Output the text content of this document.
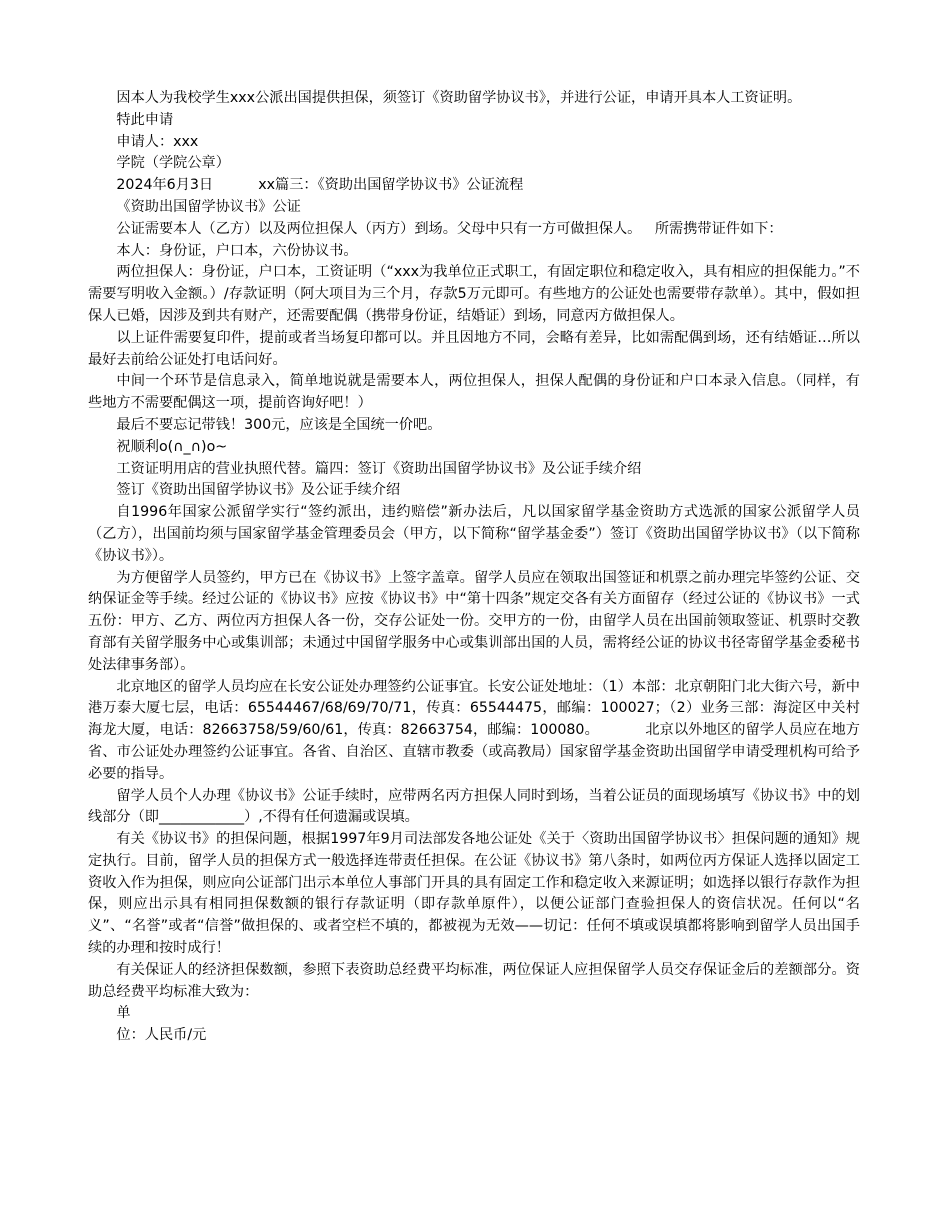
因本人为我校学生xxx公派出国提供担保，须签订《资助留学协议书》，并进行公证，申请开具本人工资证明。

特此申请

申请人：xxx

学院（学院公章）

2024年6月3日          xx篇三：《资助出国留学协议书》公证流程

《资助出国留学协议书》公证

公证需要本人（乙方）以及两位担保人（丙方）到场。父母中只有一方可做担保人。   所需携带证件如下：

本人：身份证，户口本，六份协议书。

两位担保人：身份证，户口本，工资证明（“xxx为我单位正式职工，有固定职位和稳定收入，具有相应的担保能力。”不需要写明收入金额。）/存款证明（阿大项目为三个月，存款5万元即可。有些地方的公证处也需要带存款单）。其中，假如担保人已婚，因涉及到共有财产，还需要配偶（携带身份证，结婚证）到场，同意丙方做担保人。

以上证件需要复印件，提前或者当场复印都可以。并且因地方不同，会略有差异，比如需配偶到场，还有结婚证…所以最好去前给公证处打电话问好。

中间一个环节是信息录入，简单地说就是需要本人，两位担保人，担保人配偶的身份证和户口本录入信息。（同样，有些地方不需要配偶这一项，提前咨询好吧！）

最后不要忘记带钱！300元，应该是全国统一价吧。

祝顺利o(∩_∩)o~

工资证明用店的营业执照代替。篇四：签订《资助出国留学协议书》及公证手续介绍

签订《资助出国留学协议书》及公证手续介绍

自1996年国家公派留学实行“签约派出，违约赔偿”新办法后，凡以国家留学基金资助方式选派的国家公派留学人员（乙方），出国前均须与国家留学基金管理委员会（甲方，以下简称“留学基金委”）签订《资助出国留学协议书》（以下简称《协议书》）。

为方便留学人员签约，甲方已在《协议书》上签字盖章。留学人员应在领取出国签证和机票之前办理完毕签约公证、交纳保证金等手续。经过公证的《协议书》应按《协议书》中“第十四条”规定交各有关方面留存（经过公证的《协议书》一式五份：甲方、乙方、两位丙方担保人各一份，交存公证处一份。交甲方的一份，由留学人员在出国前领取签证、机票时交教育部有关留学服务中心或集训部；未通过中国留学服务中心或集训部出国的人员，需将经公证的协议书径寄留学基金委秘书处法律事务部）。

北京地区的留学人员均应在长安公证处办理签约公证事宜。长安公证处地址：（1）本部：北京朝阳门北大街六号，新中港万泰大厦七层，电话：65544467/68/69/70/71，传真：65544475，邮编：100027；（2）业务三部：海淀区中关村海龙大厦，电话：82663758/59/60/61，传真：82663754，邮编：100080。          北京以外地区的留学人员应在地方省、市公证处办理签约公证事宜。各省、自治区、直辖市教委（或高教局）国家留学基金资助出国留学申请受理机构可给予必要的指导。

留学人员个人办理《协议书》公证手续时，应带两名丙方担保人同时到场，当着公证员的面现场填写《协议书》中的划线部分（即____________）,不得有任何遗漏或误填。

有关《协议书》的担保问题，根据1997年9月司法部发各地公证处《关于〈资助出国留学协议书〉担保问题的通知》规定执行。目前，留学人员的担保方式一般选择连带责任担保。在公证《协议书》第八条时，如两位丙方保证人选择以固定工资收入作为担保，则应向公证部门出示本单位人事部门开具的具有固定工作和稳定收入来源证明；如选择以银行存款作为担保，则应出示具有相同担保数额的银行存款证明（即存款单原件），以便公证部门查验担保人的资信状况。任何以“名义”、“名誉”或者“信誉”做担保的、或者空栏不填的，都被视为无效——切记：任何不填或误填都将影响到留学人员出国手续的办理和按时成行！

有关保证人的经济担保数额，参照下表资助总经费平均标准，两位保证人应担保留学人员交存保证金后的差额部分。资助总经费平均标准大致为：

单

位：人民币/元
